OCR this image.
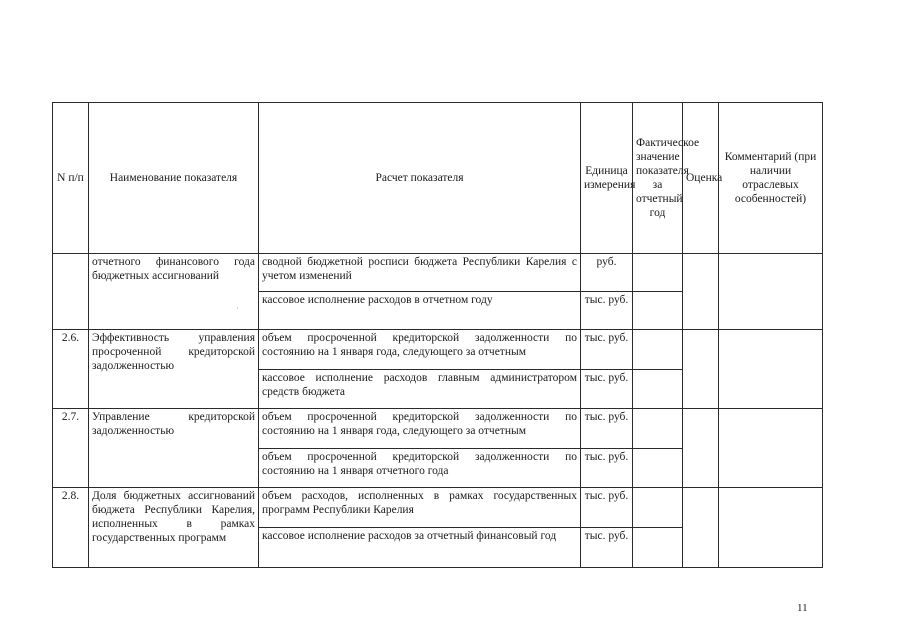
N п/п	Наименование показателя	Расчет показателя	Единица измерения	Фактическое значение показателя за отчетный год	Оценка	Комментарий (при наличии отраслевых особенностей)
	отчетного финансового года бюджетных ассигнований	сводной бюджетной росписи бюджета Республики Карелия с учетом изменений	руб.			
		кассовое исполнение расходов в отчетном году	тыс. руб.			
2.6.	Эффективность управления просроченной кредиторской задолженностью	объем просроченной кредиторской задолженности по состоянию на 1 января года, следующего за отчетным	тыс. руб.			
		кассовое исполнение расходов главным администратором средств бюджета	тыс. руб.			
2.7.	Управление кредиторской задолженностью	объем просроченной кредиторской задолженности по состоянию на 1 января года, следующего за отчетным	тыс. руб.			
		объем просроченной кредиторской задолженности по состоянию на 1 января отчетного года	тыс. руб.			
2.8.	Доля бюджетных ассигнований бюджета Республики Карелия, исполненных в рамках государственных программ	объем расходов, исполненных в рамках государственных программ Республики Карелия	тыс. руб.			
		кассовое исполнение расходов за отчетный финансовый год	тыс. руб.			
·
11
